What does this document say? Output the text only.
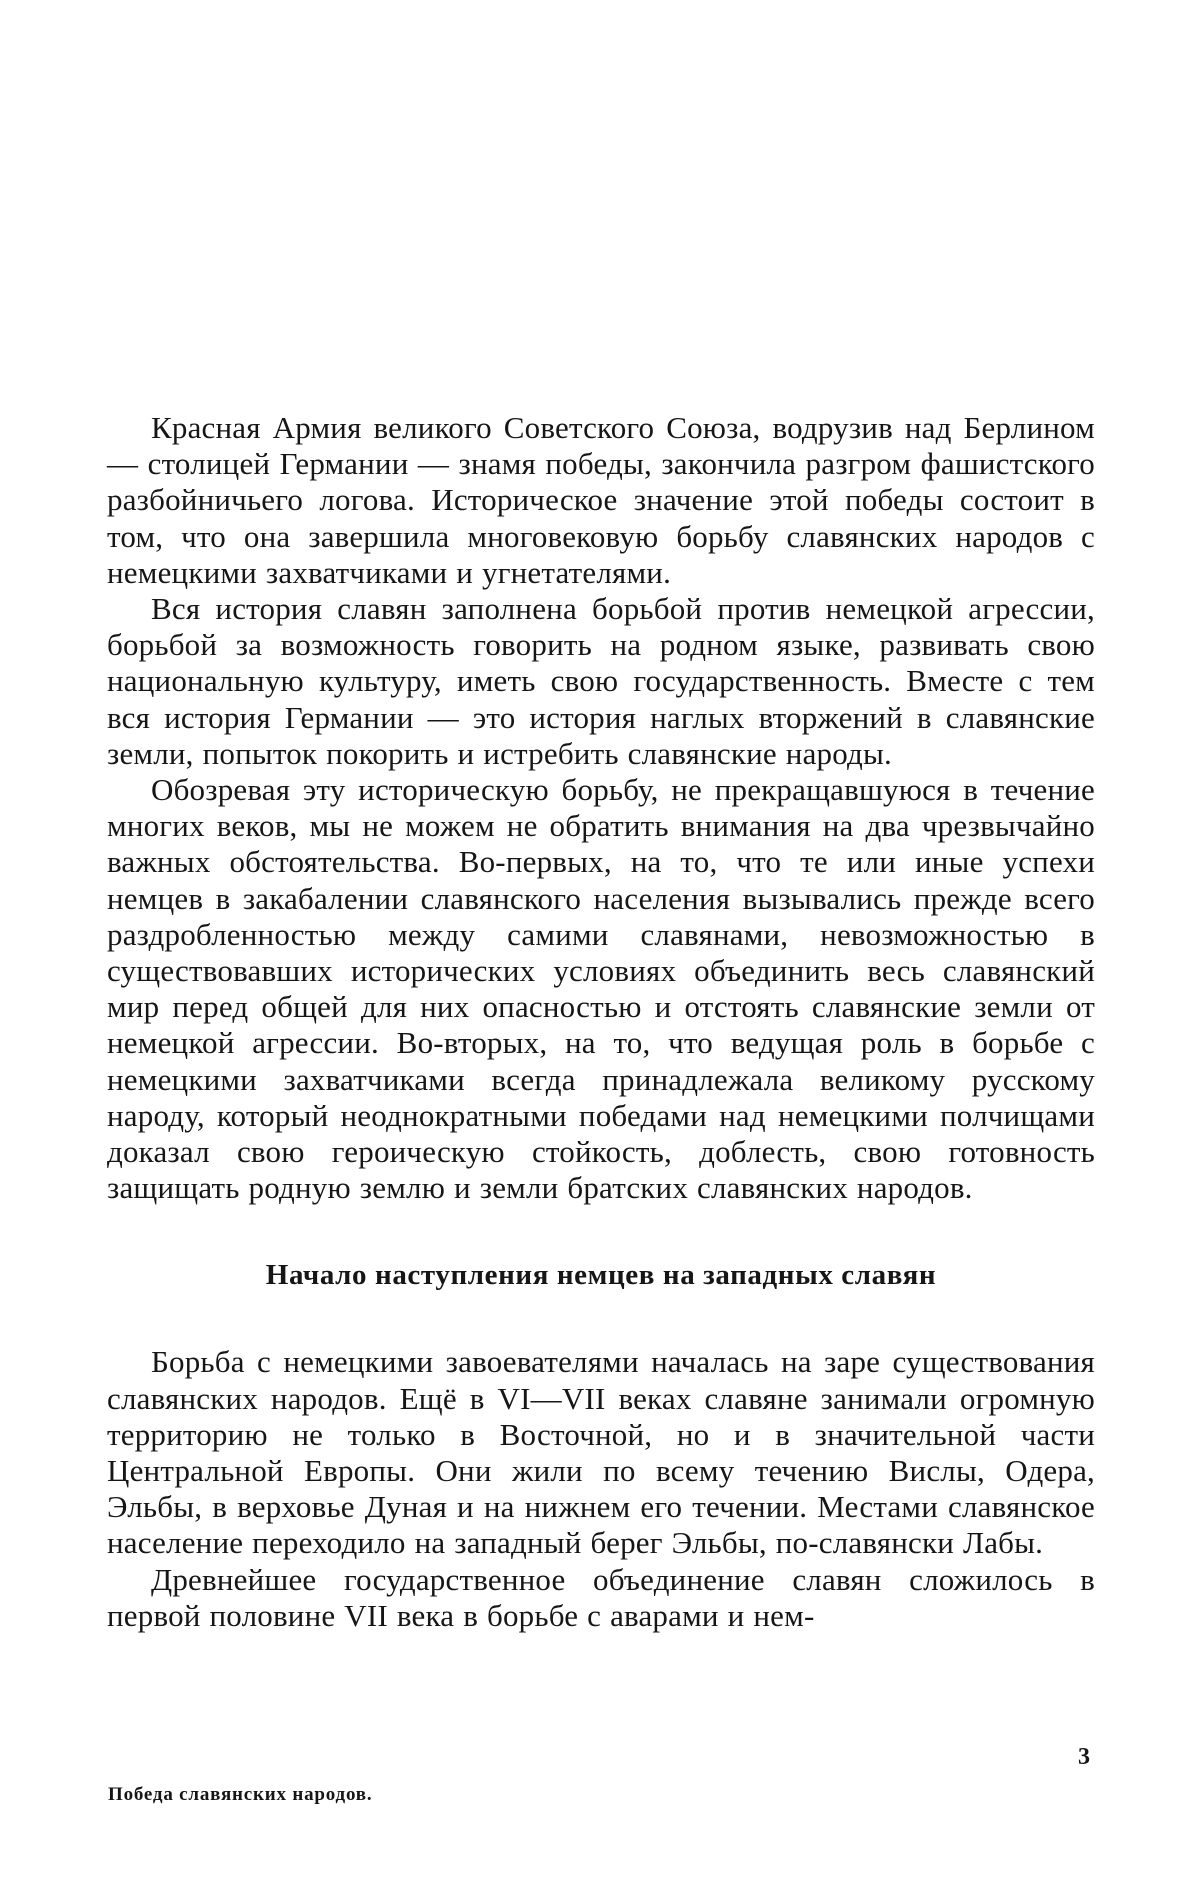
Красная Армия великого Советского Союза, водрузив над Берлином — столицей Германии — знамя победы, закончила разгром фашистского разбойничьего логова. Историческое зна­чение этой победы состоит в том, что она завершила многове­ковую борьбу славянских народов с немецкими захватчиками и угнетателями.

Вся история славян заполнена борьбой против немецкой агрессии, борьбой за возможность говорить на родном языке, развивать свою национальную культуру, иметь свою государ­ственность. Вместе с тем вся история Германии — это история наглых вторжений в славянские земли, попыток покорить и истребить славянские народы.

Обозревая эту историческую борьбу, не прекращавшуюся в течение многих веков, мы не можем не обратить внимания на два чрезвычайно важных обстоятельства. Во-первых, на то, что те или иные успехи немцев в закабалении славянского на­селения вызывались прежде всего раздробленностью между самими славянами, невозможностью в существовавших исто­рических условиях объединить весь славянский мир перед об­щей для них опасностью и отстоять славянские земли от не­мецкой агрессии. Во-вторых, на то, что ведущая роль в борьбе с немецкими захватчиками всегда принадлежала великому русскому народу, который неоднократными победами над не­мецкими полчищами доказал свою героическую стойкость, доблесть, свою готовность защищать родную землю и земли братских славянских народов.

Начало наступления немцев на западных славян

Борьба с немецкими завоевателями началась на заре суще­ствования славянских народов. Ещё в VI—VII веках славяне занимали огромную территорию не только в Восточной, но и в значительной части Центральной Европы. Они жили по всему течению Вислы, Одера, Эльбы, в верховье Дуная и на нижнем его течении. Местами славянское население переходило на за­падный берег Эльбы, по-славянски Лабы.

Древнейшее государственное объединение славян сложи­лось в первой половине VII века в борьбе с аварами и нем-

3
Победа славянских народов.
